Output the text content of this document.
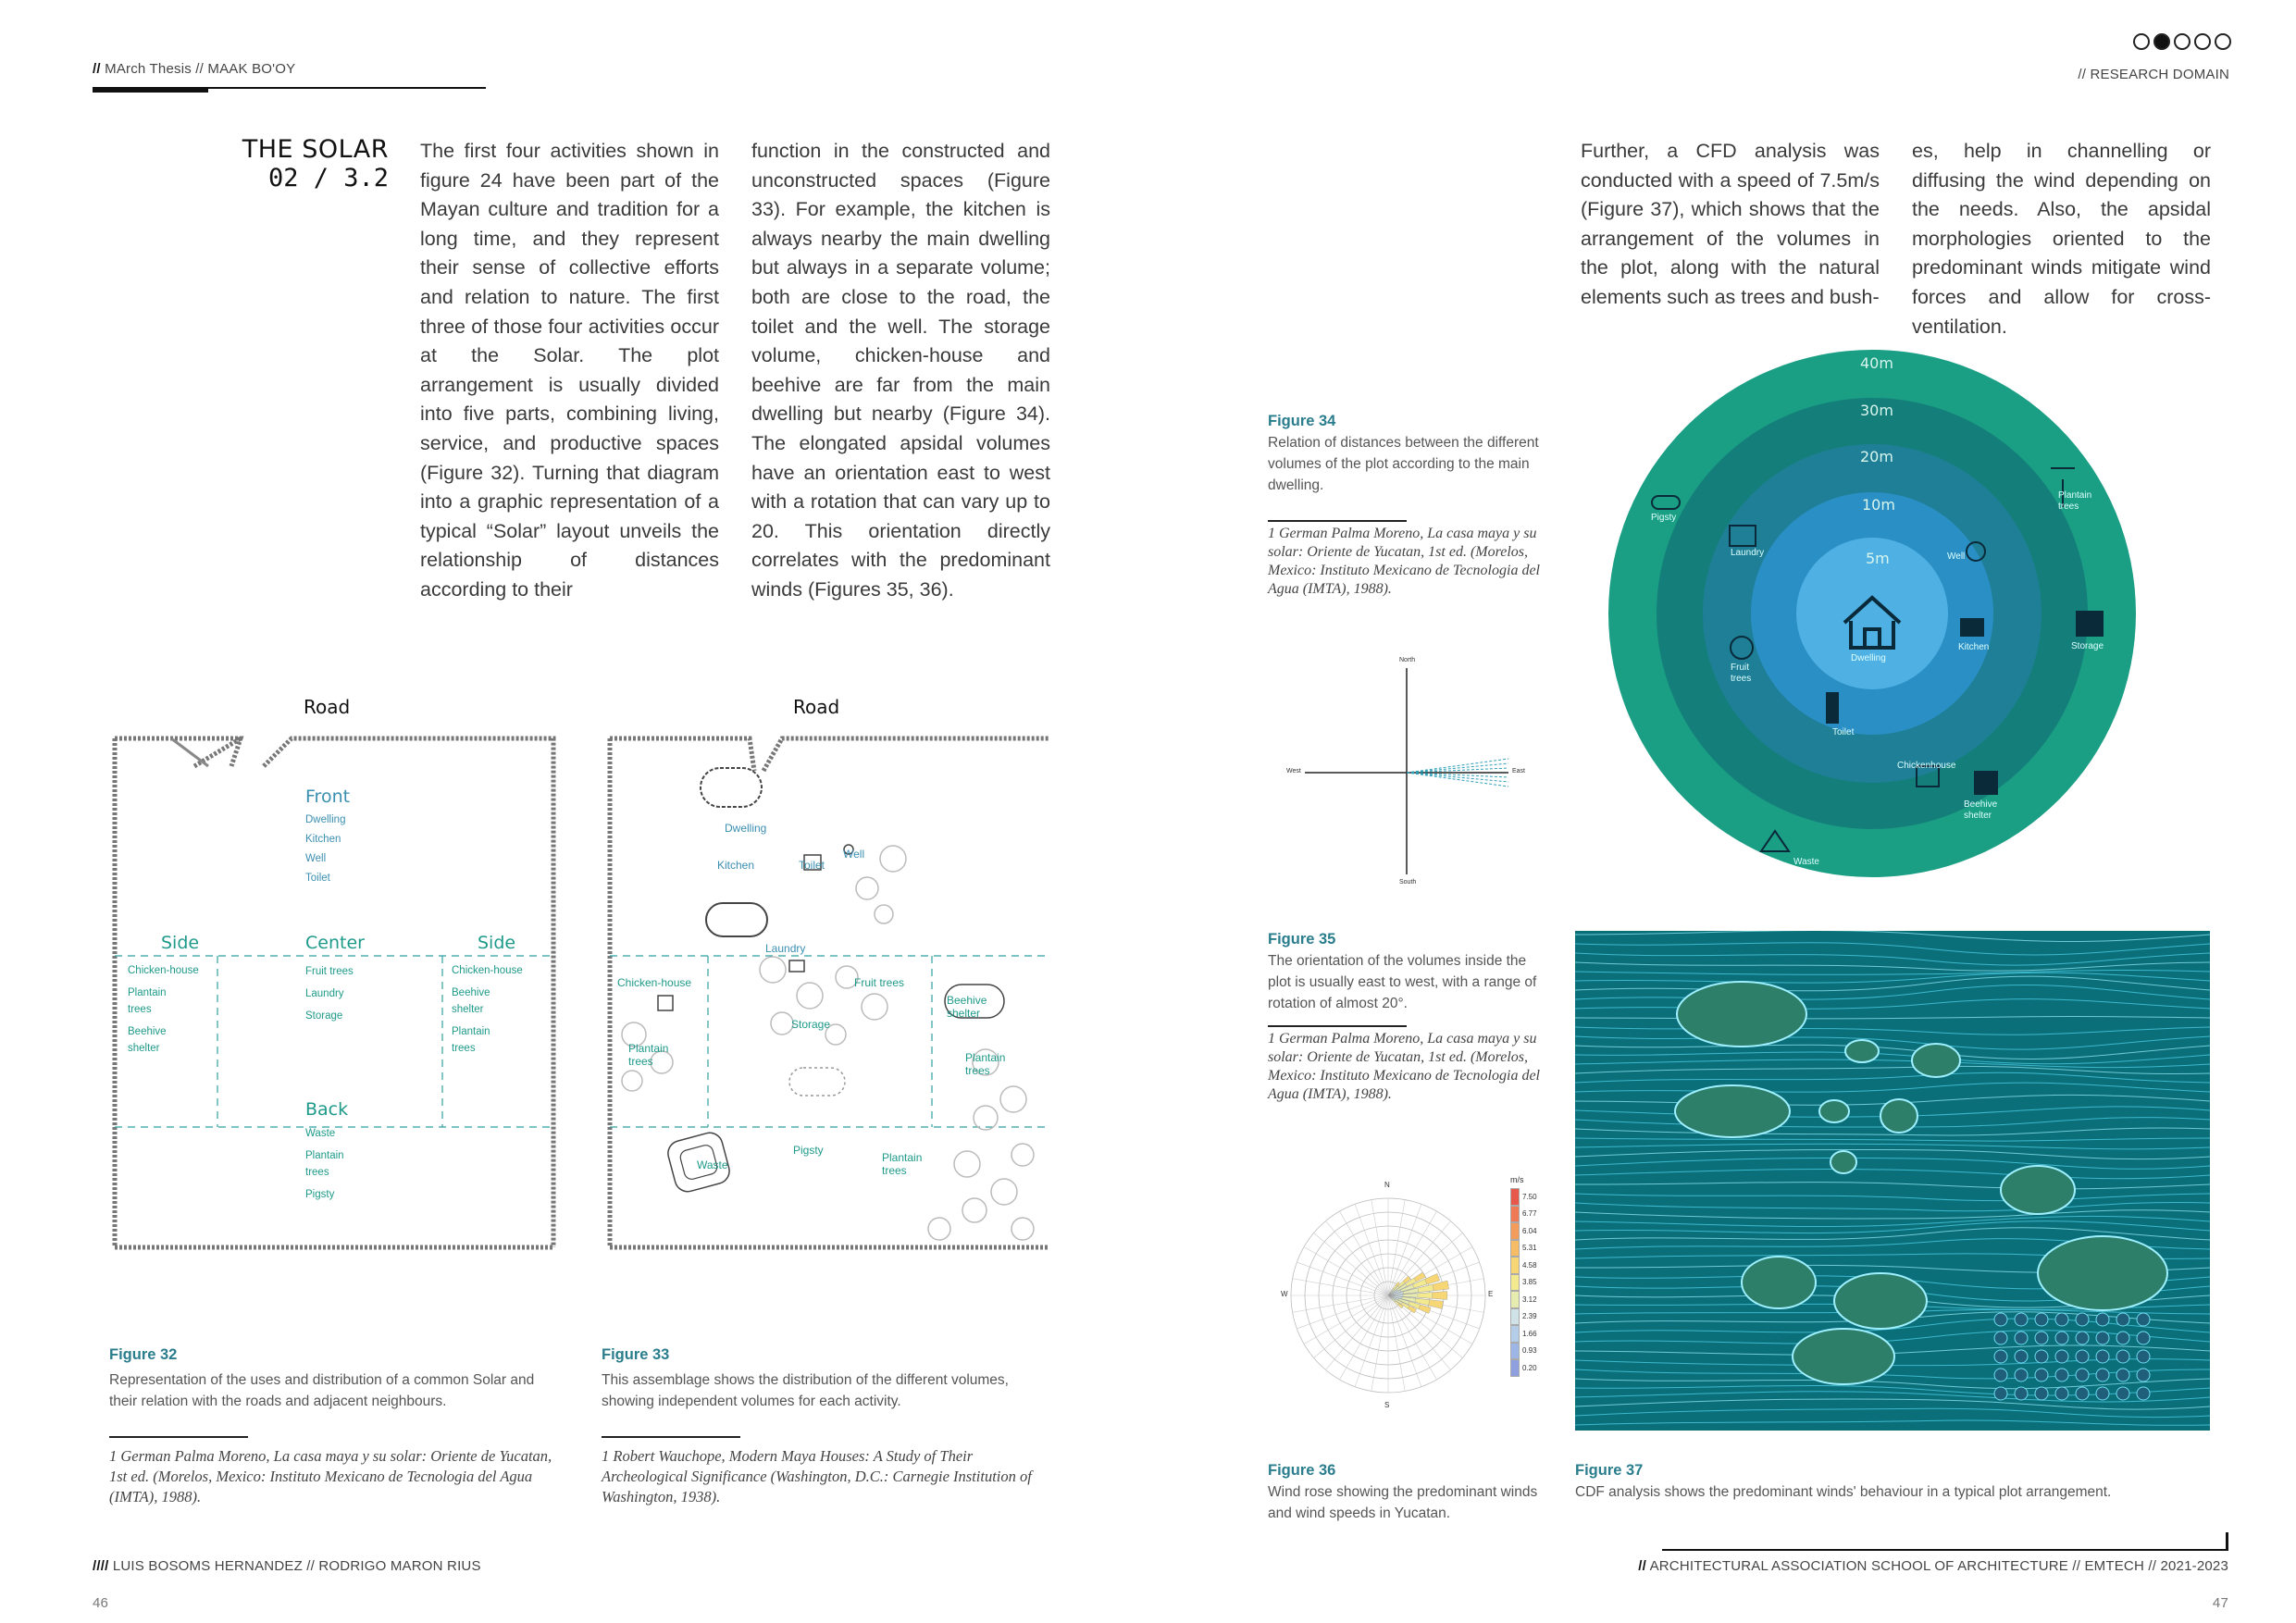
// MArch Thesis // MAAK BO'OY	// RESEARCH DOMAIN
THE SOLAR
02 / 3.2
The first four activities shown in figure 24 have been part of the Mayan culture and tradition for a long time, and they represent their sense of collective efforts and relation to nature. The first three of those four activities occur at the Solar. The plot arrangement is usually divided into five parts, combining living, service, and productive spaces (Figure 32). Turning that diagram into a graphic representation of a typical “Solar” layout unveils the relationship of distances according to their
function in the constructed and unconstructed spaces (Figure 33). For example, the kitchen is always nearby the main dwelling but always in a separate volume; both are close to the road, the toilet and the well. The storage volume, chicken-house and beehive are far from the main dwelling but nearby (Figure 34). The elongated apsidal volumes have an orientation east to west with a rotation that can vary up to 20. This orientation directly correlates with the predominant winds (Figures 35, 36).
Further, a CFD analysis was conducted with a speed of 7.5m/s (Figure 37), which shows that the arrangement of the volumes in the plot, along with the natural elements such as trees and bush-
es, help in channelling or diffusing the wind depending on the needs. Also, the apsidal morphologies oriented to the predominant winds mitigate wind forces and allow for cross-ventilation.
Road
Front
Dwelling
Kitchen
Well
Toilet
Side
Chicken-house
Plantain trees
Beehive shelter
Center
Fruit trees
Laundry
Storage
Side
Chicken-house
Beehive shelter
Plantain trees
Back
Waste
Plantain trees
Pigsty
Figure 32
Representation of the uses and distribution of a common Solar and their relation with the roads and adjacent neighbours.
1 German Palma Moreno, La casa maya y su solar: Oriente de Yucatan, 1st ed. (Morelos, Mexico: Instituto Mexicano de Tecnologia del Agua (IMTA), 1988).
Road
Dwelling
Well
Kitchen	Toilet
Laundry
Chicken-house	Fruit trees
Beehive shelter
Storage
Plantain trees	Plantain trees
Waste
Pigsty
Plantain trees
Figure 33
This assemblage shows the distribution of the different volumes, showing independent volumes for each activity.
1 Robert Wauchope, Modern Maya Houses: A Study of Their Archeological Significance (Washington, D.C.: Carnegie Institution of Washington, 1938).
Figure 34
Relation of distances between the different volumes of the plot according to the main dwelling.
1 German Palma Moreno, La casa maya y su solar: Oriente de Yucatan, 1st ed. (Morelos, Mexico: Instituto Mexicano de Tecnologia del Agua (IMTA), 1988).
40m
30m
20m
10m
5m
Dwelling
Kitchen
Well
Laundry
Toilet
Fruit trees
Pigsty
Plantain trees
Storage
Chickenhouse
Beehive shelter
Waste
North
South
West	East
Figure 35
The orientation of the volumes inside the plot is usually east to west, with a range of rotation of almost 20°.
1 German Palma Moreno, La casa maya y su solar: Oriente de Yucatan, 1st ed. (Morelos, Mexico: Instituto Mexicano de Tecnologia del Agua (IMTA), 1988).
N
S
W	E
m/s
7.50
6.77
6.04
5.31
4.58
3.85
3.12
2.39
1.66
0.93
0.20
Figure 36
Wind rose showing the predominant winds and wind speeds in Yucatan.
Figure 37
CDF analysis shows the predominant winds' behaviour in a typical plot arrangement.
//// LUIS BOSOMS HERNANDEZ // RODRIGO MARON RIUS
46
// ARCHITECTURAL ASSOCIATION SCHOOL OF ARCHITECTURE // EMTECH // 2021-2023
47
